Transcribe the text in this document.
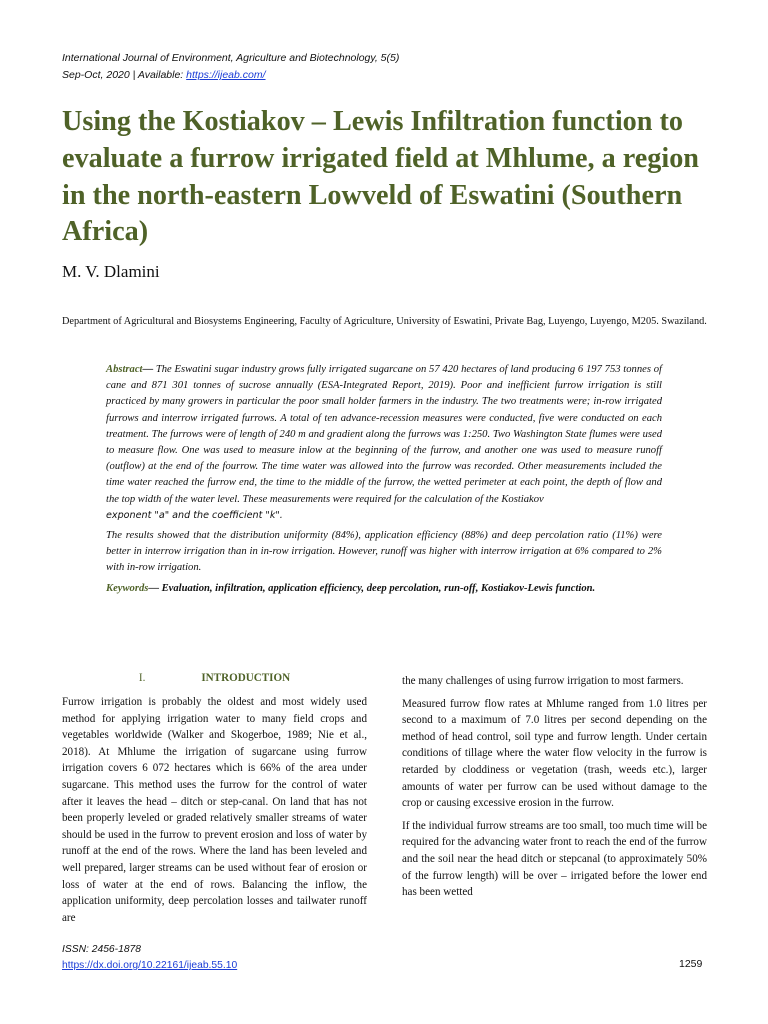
International Journal of Environment, Agriculture and Biotechnology, 5(5)
Sep-Oct, 2020 | Available: https://ijeab.com/
Using the Kostiakov – Lewis Infiltration function to evaluate a furrow irrigated field at Mhlume, a region in the north-eastern Lowveld of Eswatini (Southern Africa)
M. V. Dlamini
Department of Agricultural and Biosystems Engineering, Faculty of Agriculture, University of Eswatini, Private Bag, Luyengo, Luyengo, M205. Swaziland.

Abstract— The Eswatini sugar industry grows fully irrigated sugarcane on 57 420 hectares of land producing 6 197 753 tonnes of cane and 871 301 tonnes of sucrose annually (ESA-Integrated Report, 2019). Poor and inefficient furrow irrigation is still practiced by many growers in particular the poor small holder farmers in the industry. The two treatments were; in-row irrigated furrows and interrow irrigated furrows. A total of ten advance-recession measures were conducted, five were conducted on each treatment. The furrows were of length of 240 m and gradient along the furrows was 1:250. Two Washington State flumes were used to measure flow. One was used to measure inlow at the beginning of the furrow, and another one was used to measure runoff (outflow) at the end of the fourrow. The time water was allowed into the furrow was recorded. Other measurements included the time water reached the furrow end, the time to the middle of the furrow, the wetted perimeter at each point, the depth of flow and the top width of the water level. These measurements were required for the calculation of the Kostiakov
exponent "a" and the coefficient "k".

The results showed that the distribution uniformity (84%), application efficiency (88%) and deep percolation ratio (11%) were better in interrow irrigation than in in-row irrigation. However, runoff was higher with interrow irrigation at 6% compared to 2% with in-row irrigation.

Keywords— Evaluation, infiltration, application efficiency, deep percolation, run-off, Kostiakov-Lewis function.

I.	INTRODUCTION

Furrow irrigation is probably the oldest and most widely used method for applying irrigation water to many field crops and vegetables worldwide (Walker and Skogerboe, 1989; Nie et al., 2018). At Mhlume the irrigation of sugarcane using furrow irrigation covers 6 072 hectares which is 66% of the area under sugarcane. This method uses the furrow for the control of water after it leaves the head – ditch or step-canal. On land that has not been properly leveled or graded relatively smaller streams of water should be used in the furrow to prevent erosion and loss of water by runoff at the end of the rows. Where the land has been leveled and well prepared, larger streams can be used without fear of erosion or loss of water at the end of rows. Balancing the inflow, the application uniformity, deep percolation losses and tailwater runoff are

the many challenges of using furrow irrigation to most farmers.

Measured furrow flow rates at Mhlume ranged from 1.0 litres per second to a maximum of 7.0 litres per second depending on the method of head control, soil type and furrow length. Under certain conditions of tillage where the water flow velocity in the furrow is retarded by cloddiness or vegetation (trash, weeds etc.), larger amounts of water per furrow can be used without damage to the crop or causing excessive erosion in the furrow.

If the individual furrow streams are too small, too much time will be required for the advancing water front to reach the end of the furrow and the soil near the head ditch or stepcanal (to approximately 50% of the furrow length) will be over – irrigated before the lower end has been wetted

ISSN: 2456-1878
https://dx.doi.org/10.22161/ijeab.55.10	1259
